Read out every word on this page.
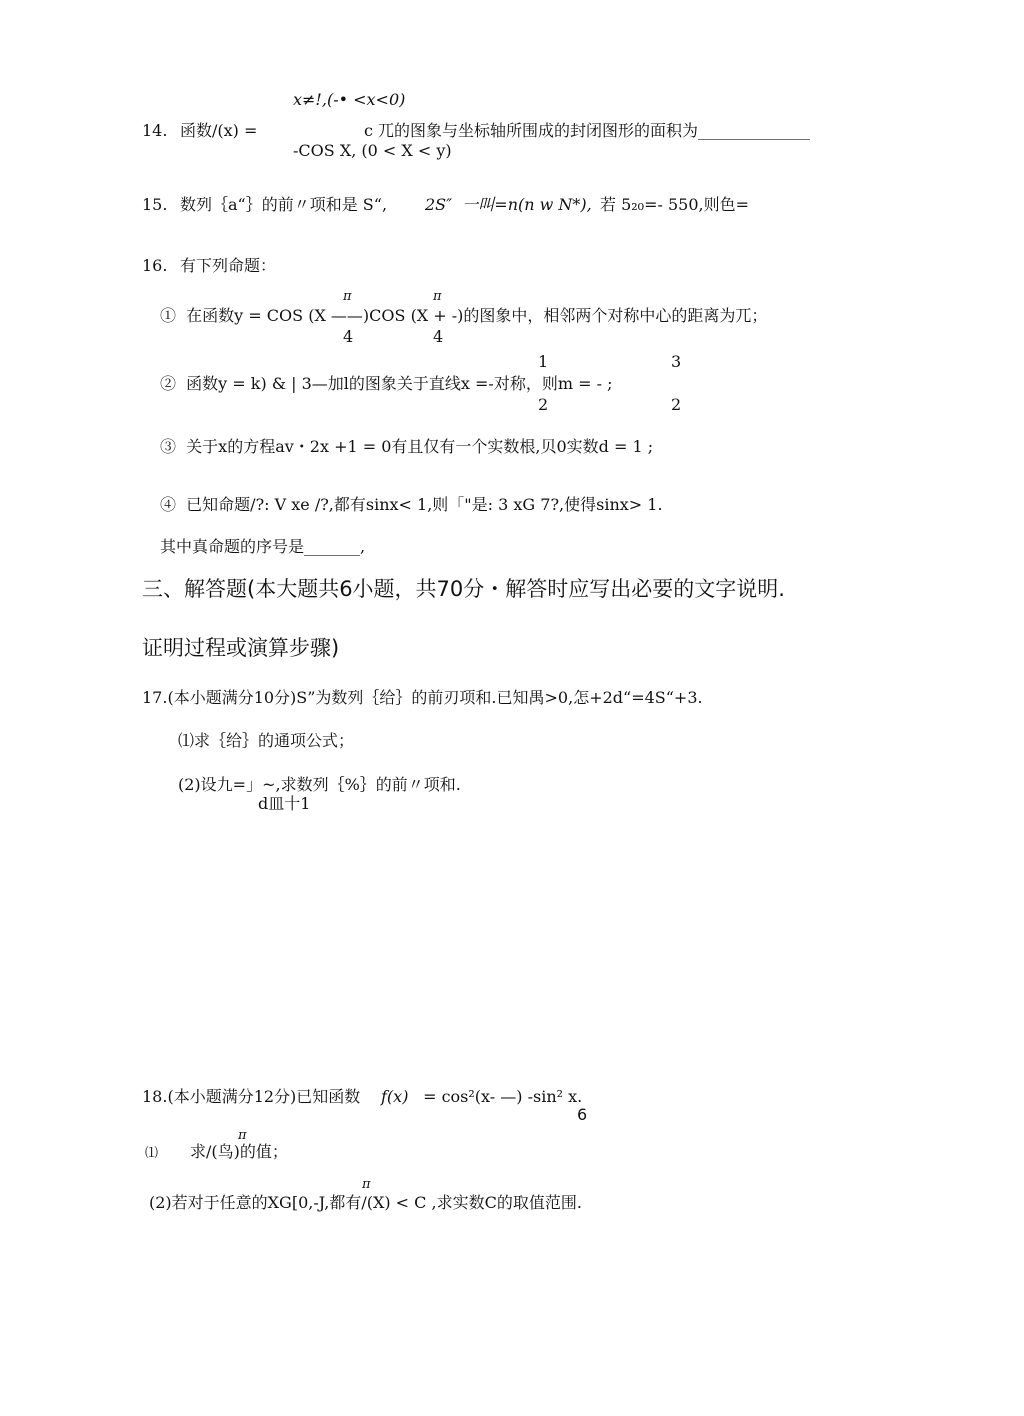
x≠!,(-• <x<0)
14. 函数/(x) =	c 兀的图象与坐标轴所围成的封闭图形的面积为______________
-COS X, (0 < X < y)
15. 数列｛a“｝的前〃项和是 S“, 2S″  一叫=n(n w N*), 若 5₂₀=- 550,则色=
16. 有下列命题：
π	π
①  在函数y = COS (X ——)COS (X + -)的图象中，相邻两个对称中心的距离为兀；
4	4
1	3
②  函数y = k) & | 3—加l的图象关于直线x =-对称，则m = - ;
2	2
③  关于x的方程av・2x +1 = 0有且仅有一个实数根,贝0实数d = 1 ;
④  已知命题/?: V xe /?,都有sinx< 1,则「"是: 3 xG 7?,使得sinx> 1.
其中真命题的序号是_______,
三、解答题(本大题共6小题，共70分・解答时应写出必要的文字说明.
证明过程或演算步骤)
17.(本小题满分10分)S”为数列｛给｝的前刃项和.已知禺>0,怎+2d“=4S“+3.
⑴求｛给｝的通项公式；
(2)设九=」~,求数列｛%｝的前〃项和.
d皿十1
18.(本小题满分12分)已知函数 f(x) = cos²(x- —) -sin² x.
6
π
⑴ 求/(鸟)的值；
π
(2)若对于任意的XG[0,-J,都有/(X) < C ,求实数C的取值范围.
